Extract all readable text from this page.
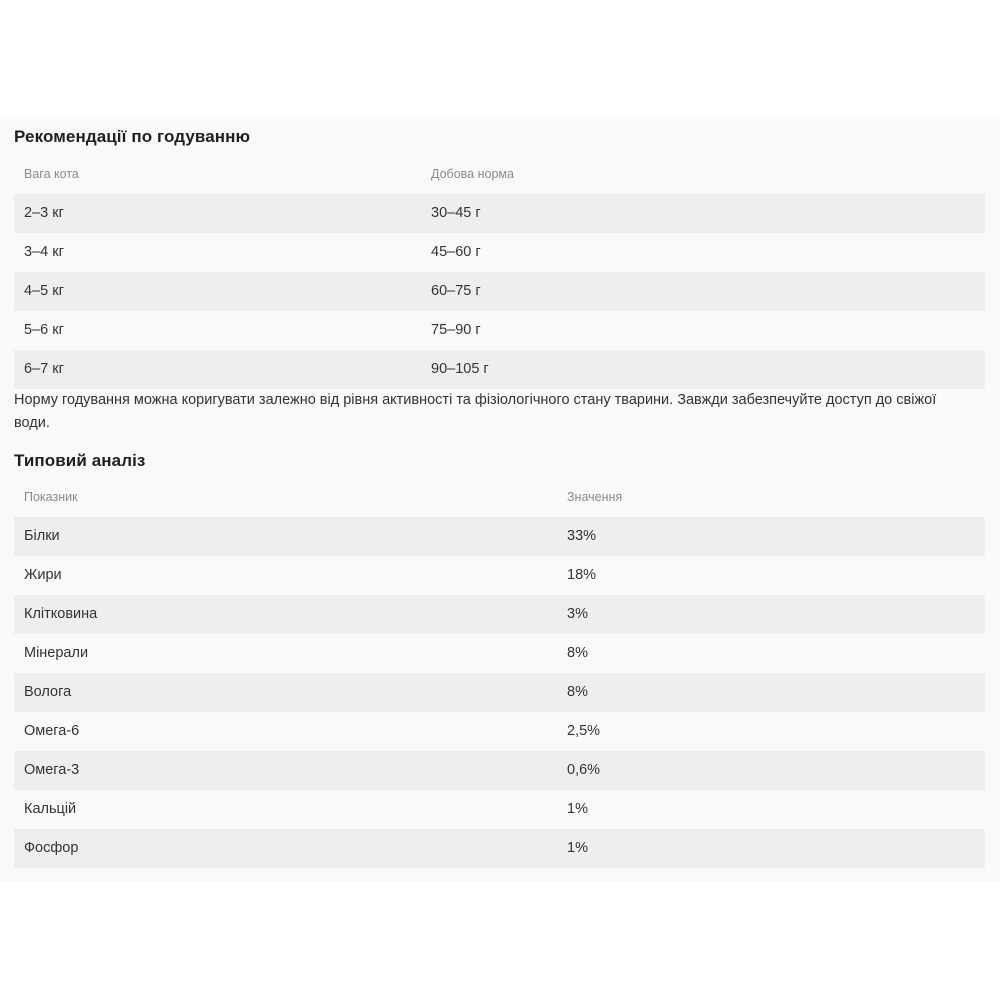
Рекомендації по годуванню
Вага кота	Добова норма
2–3 кг	30–45 г
3–4 кг	45–60 г
4–5 кг	60–75 г
5–6 кг	75–90 г
6–7 кг	90–105 г

Норму годування можна коригувати залежно від рівня активності та фізіологічного стану тварини. Завжди забезпечуйте доступ до свіжої води.

Типовий аналіз
Показник	Значення
Білки	33%
Жири	18%
Клітковина	3%
Мінерали	8%
Волога	8%
Омега-6	2,5%
Омега-3	0,6%
Кальцій	1%
Фосфор	1%
